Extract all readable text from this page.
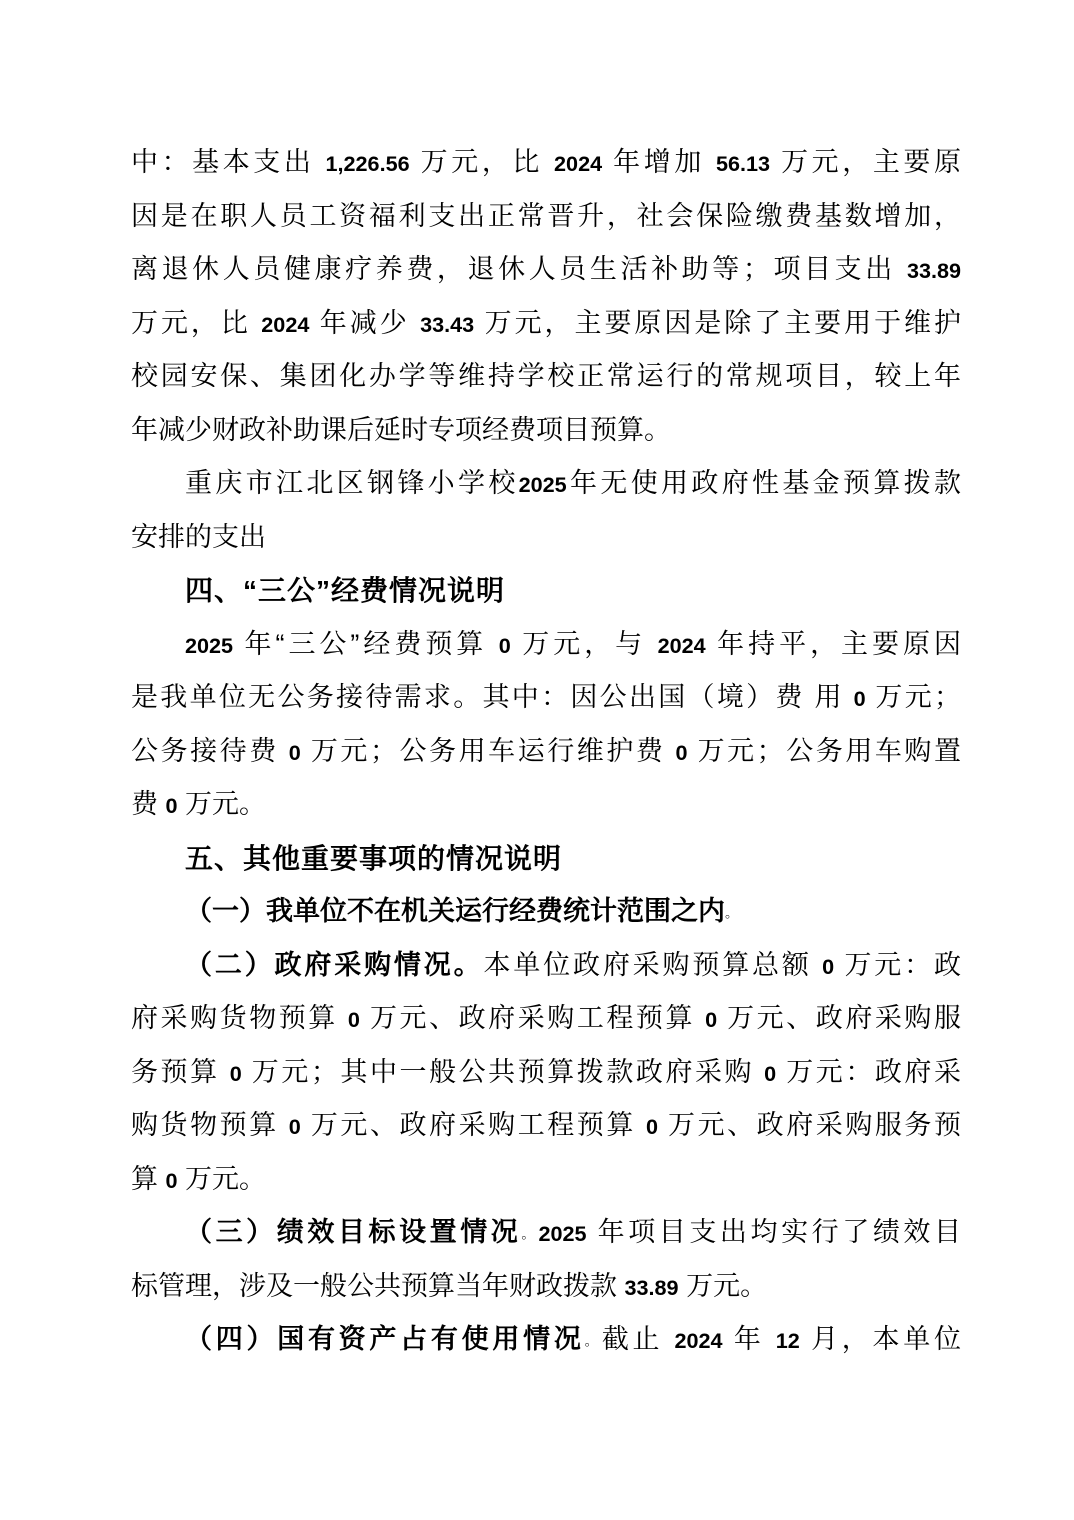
中：基本支出 1,226.56 万元，比 2024 年增加 56.13 万元，主要原
因是在职人员工资福利支出正常晋升，社会保险缴费基数增加，
离退休人员健康疗养费，退休人员生活补助等；项目支出 33.89
万元，比 2024 年减少 33.43 万元，主要原因是除了主要用于维护
校园安保、集团化办学等维持学校正常运行的常规项目，较上年
年减少财政补助课后延时专项经费项目预算。

重庆市江北区钢锋小学校2025年无使用政府性基金预算拨款
安排的支出

四、“三公”经费情况说明

2025 年“三公”经费预算 0 万元，与 2024 年持平，主要原因
是我单位无公务接待需求。其中：因公出国（境）费 用 0 万元；
公务接待费 0 万元；公务用车运行维护费 0 万元；公务用车购置
费 0 万元。

五、其他重要事项的情况说明

（一）我单位不在机关运行经费统计范围之内。

（二）政府采购情况。本单位政府采购预算总额 0 万元：政
府采购货物预算 0 万元、政府采购工程预算 0 万元、政府采购服
务预算 0 万元；其中一般公共预算拨款政府采购 0 万元：政府采
购货物预算 0 万元、政府采购工程预算 0 万元、政府采购服务预
算 0 万元。

（三）绩效目标设置情况。2025 年项目支出均实行了绩效目
标管理，涉及一般公共预算当年财政拨款 33.89 万元。

（四）国有资产占有使用情况。截止 2024 年 12 月，本单位
